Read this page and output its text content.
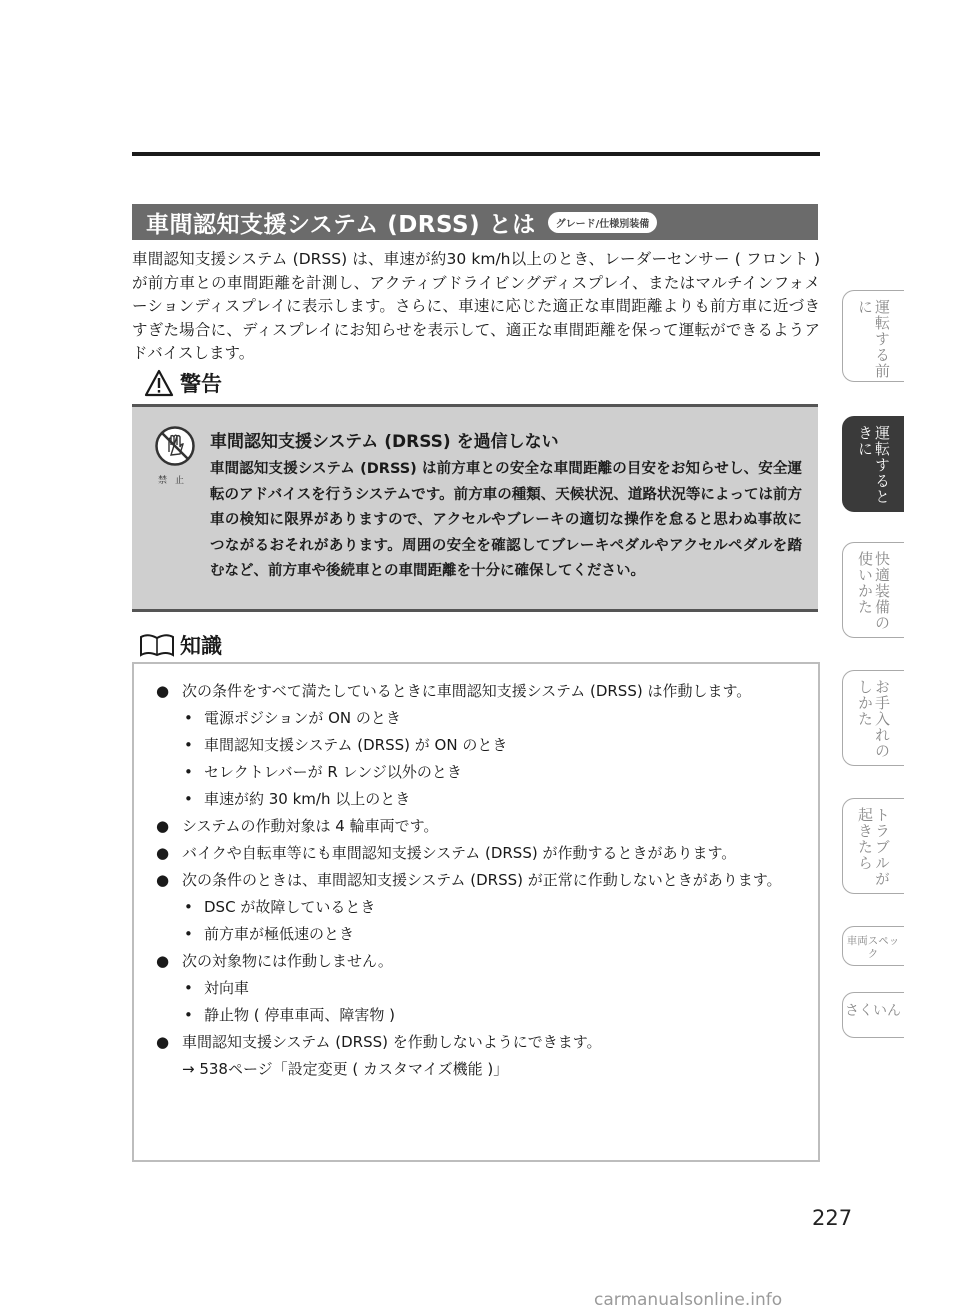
車間認知支援システム (DRSS) とは	グレード/仕様別装備
車間認知支援システム (DRSS) は、車速が約30 km/h以上のとき、レーダーセンサー ( フロント ) が前方車との車間距離を計測し、アクティブドライビングディスプレイ、またはマルチインフォメーションディスプレイに表示します。さらに、車速に応じた適正な車間距離よりも前方車に近づきすぎた場合に、ディスプレイにお知らせを表示して、適正な車間距離を保って運転ができるようアドバイスします。
警告
禁止
車間認知支援システム (DRSS) を過信しない
車間認知支援システム (DRSS) は前方車との安全な車間距離の目安をお知らせし、安全運転のアドバイスを行うシステムです。前方車の種類、天候状況、道路状況等によっては前方車の検知に限界がありますので、アクセルやブレーキの適切な操作を怠ると思わぬ事故につながるおそれがあります。周囲の安全を確認してブレーキペダルやアクセルペダルを踏むなど、前方車や後続車との車間距離を十分に確保してください。
知識
● 次の条件をすべて満たしているときに車間認知支援システム (DRSS) は作動します。
• 電源ポジションが ON のとき
• 車間認知支援システム (DRSS) が ON のとき
• セレクトレバーが R レンジ以外のとき
• 車速が約 30 km/h 以上のとき
● システムの作動対象は 4 輪車両です。
● バイクや自転車等にも車間認知支援システム (DRSS) が作動するときがあります。
● 次の条件のときは、車間認知支援システム (DRSS) が正常に作動しないときがあります。
• DSC が故障しているとき
• 前方車が極低速のとき
● 次の対象物には作動しません。
• 対向車
• 静止物 ( 停車車両、障害物 )
● 車間認知支援システム (DRSS) を作動しないようにできます。
→ 538ページ「設定変更 ( カスタマイズ機能 )」
運転する前に
運転するときに
快適装備の使いかた
お手入れのしかた
トラブルが起きたら
車両スペック
さくいん
227
carmanualsonline.info
